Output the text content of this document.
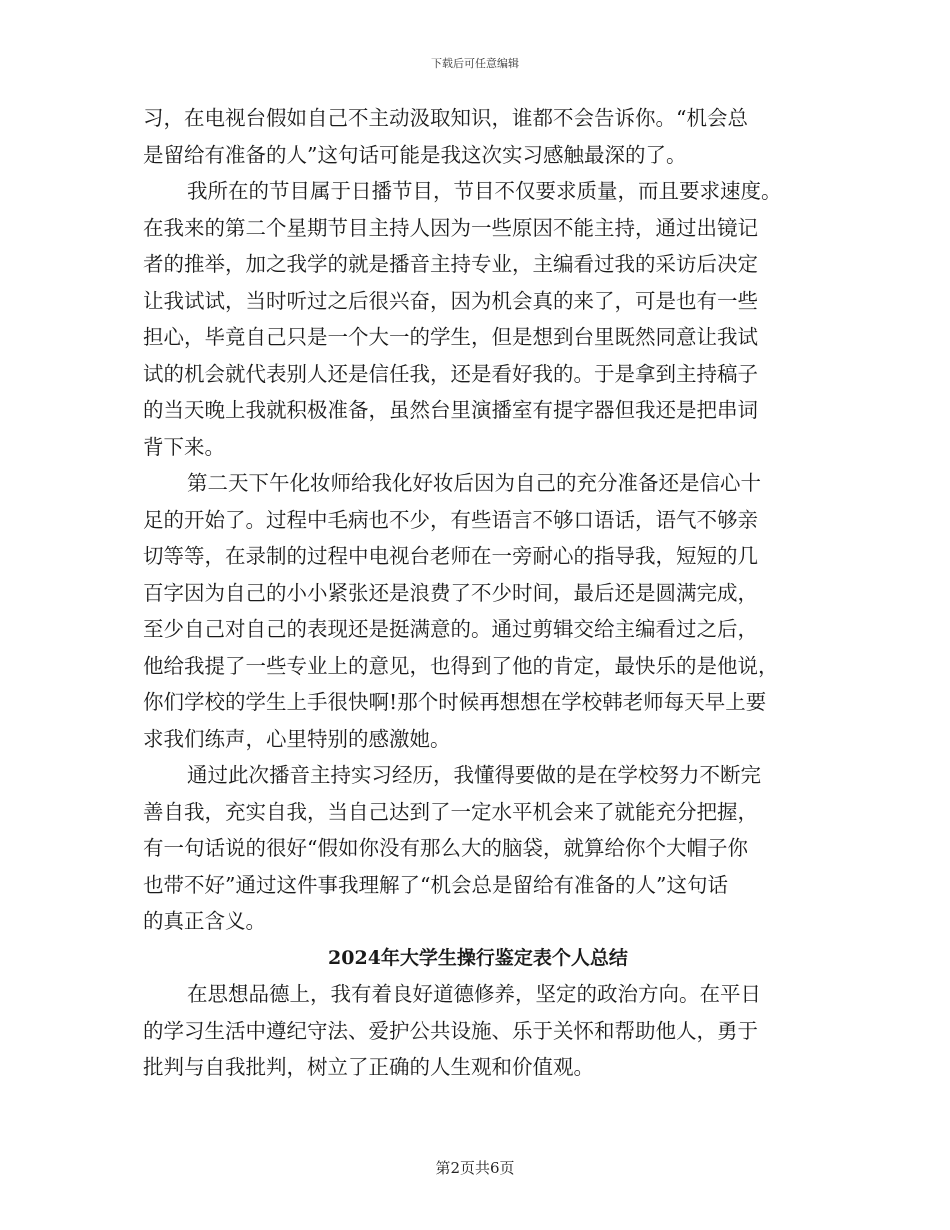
下载后可任意编辑
习，在电视台假如自己不主动汲取知识，谁都不会告诉你。“机会总
是留给有准备的人”这句话可能是我这次实习感触最深的了。
我所在的节目属于日播节目，节目不仅要求质量，而且要求速度。
在我来的第二个星期节目主持人因为一些原因不能主持，通过出镜记
者的推举，加之我学的就是播音主持专业，主编看过我的采访后决定
让我试试，当时听过之后很兴奋，因为机会真的来了，可是也有一些
担心，毕竟自己只是一个大一的学生，但是想到台里既然同意让我试
试的机会就代表别人还是信任我，还是看好我的。于是拿到主持稿子
的当天晚上我就积极准备，虽然台里演播室有提字器但我还是把串词
背下来。
第二天下午化妆师给我化好妆后因为自己的充分准备还是信心十
足的开始了。过程中毛病也不少，有些语言不够口语话，语气不够亲
切等等，在录制的过程中电视台老师在一旁耐心的指导我，短短的几
百字因为自己的小小紧张还是浪费了不少时间，最后还是圆满完成，
至少自己对自己的表现还是挺满意的。通过剪辑交给主编看过之后，
他给我提了一些专业上的意见，也得到了他的肯定，最快乐的是他说，
你们学校的学生上手很快啊!那个时候再想想在学校韩老师每天早上要
求我们练声，心里特别的感激她。
通过此次播音主持实习经历，我懂得要做的是在学校努力不断完
善自我，充实自我，当自己达到了一定水平机会来了就能充分把握，
有一句话说的很好“假如你没有那么大的脑袋，就算给你个大帽子你
也带不好”通过这件事我理解了“机会总是留给有准备的人”这句话
的真正含义。
2024年大学生操行鉴定表个人总结
在思想品德上，我有着良好道德修养，坚定的政治方向。在平日
的学习生活中遵纪守法、爱护公共设施、乐于关怀和帮助他人，勇于
批判与自我批判，树立了正确的人生观和价值观。
第2页共6页
